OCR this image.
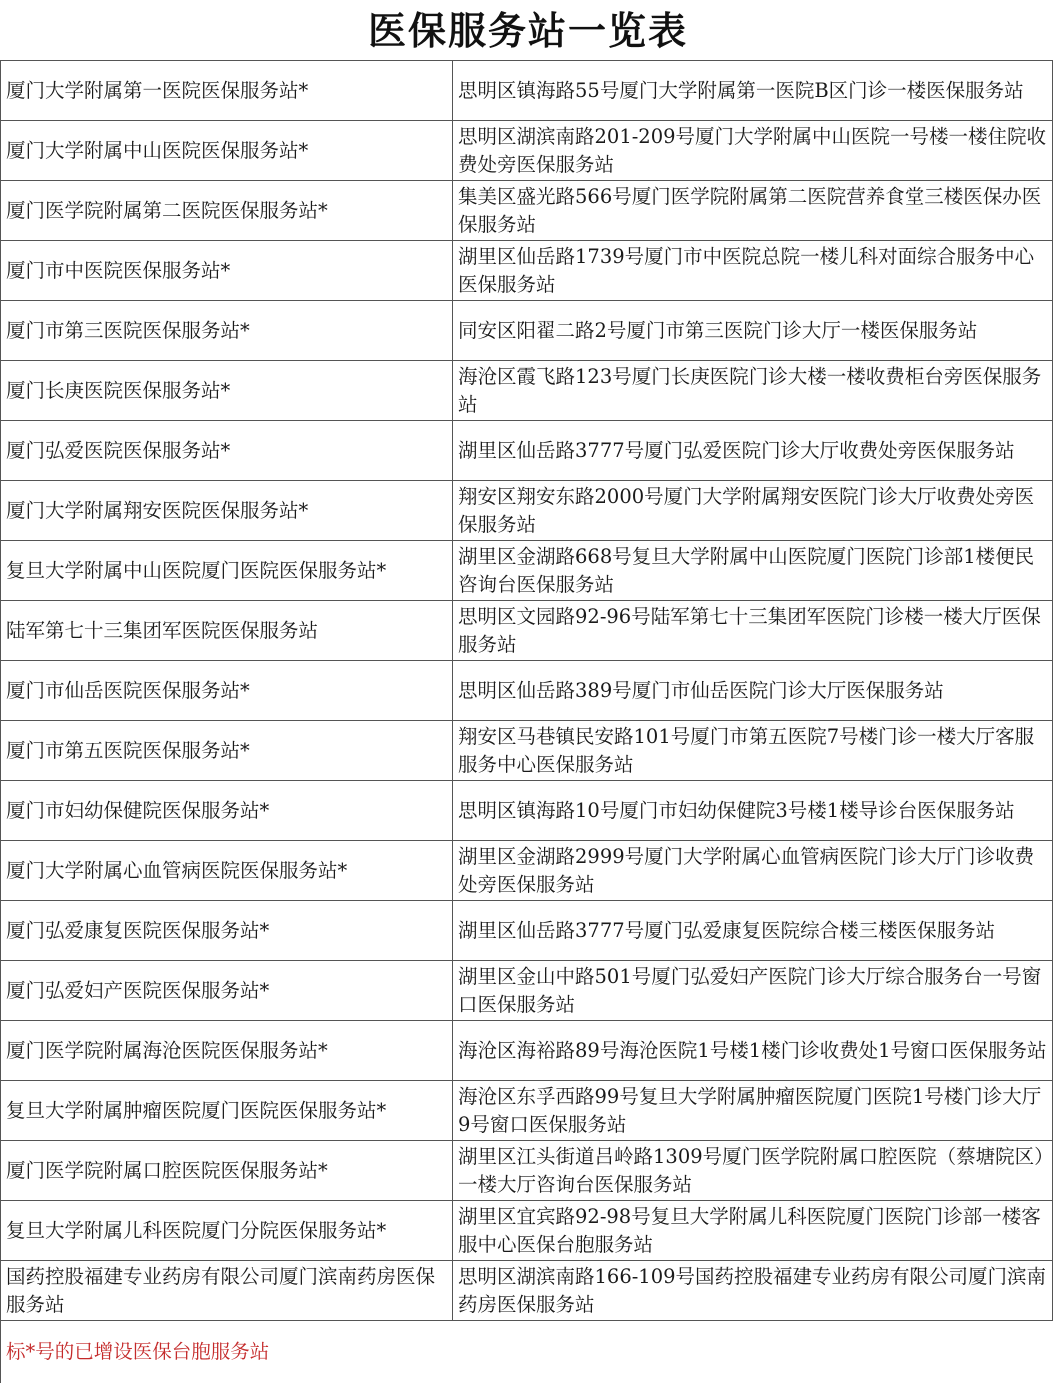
医保服务站一览表
厦门大学附属第一医院医保服务站*	思明区镇海路55号厦门大学附属第一医院B区门诊一楼医保服务站
厦门大学附属中山医院医保服务站*	思明区湖滨南路201-209号厦门大学附属中山医院一号楼一楼住院收费处旁医保服务站
厦门医学院附属第二医院医保服务站*	集美区盛光路566号厦门医学院附属第二医院营养食堂三楼医保办医保服务站
厦门市中医院医保服务站*	湖里区仙岳路1739号厦门市中医院总院一楼儿科对面综合服务中心医保服务站
厦门市第三医院医保服务站*	同安区阳翟二路2号厦门市第三医院门诊大厅一楼医保服务站
厦门长庚医院医保服务站*	海沧区霞飞路123号厦门长庚医院门诊大楼一楼收费柜台旁医保服务站
厦门弘爱医院医保服务站*	湖里区仙岳路3777号厦门弘爱医院门诊大厅收费处旁医保服务站
厦门大学附属翔安医院医保服务站*	翔安区翔安东路2000号厦门大学附属翔安医院门诊大厅收费处旁医保服务站
复旦大学附属中山医院厦门医院医保服务站*	湖里区金湖路668号复旦大学附属中山医院厦门医院门诊部1楼便民咨询台医保服务站
陆军第七十三集团军医院医保服务站	思明区文园路92-96号陆军第七十三集团军医院门诊楼一楼大厅医保服务站
厦门市仙岳医院医保服务站*	思明区仙岳路389号厦门市仙岳医院门诊大厅医保服务站
厦门市第五医院医保服务站*	翔安区马巷镇民安路101号厦门市第五医院7号楼门诊一楼大厅客服服务中心医保服务站
厦门市妇幼保健院医保服务站*	思明区镇海路10号厦门市妇幼保健院3号楼1楼导诊台医保服务站
厦门大学附属心血管病医院医保服务站*	湖里区金湖路2999号厦门大学附属心血管病医院门诊大厅门诊收费处旁医保服务站
厦门弘爱康复医院医保服务站*	湖里区仙岳路3777号厦门弘爱康复医院综合楼三楼医保服务站
厦门弘爱妇产医院医保服务站*	湖里区金山中路501号厦门弘爱妇产医院门诊大厅综合服务台一号窗口医保服务站
厦门医学院附属海沧医院医保服务站*	海沧区海裕路89号海沧医院1号楼1楼门诊收费处1号窗口医保服务站
复旦大学附属肿瘤医院厦门医院医保服务站*	海沧区东孚西路99号复旦大学附属肿瘤医院厦门医院1号楼门诊大厅9号窗口医保服务站
厦门医学院附属口腔医院医保服务站*	湖里区江头街道吕岭路1309号厦门医学院附属口腔医院（蔡塘院区）一楼大厅咨询台医保服务站
复旦大学附属儿科医院厦门分院医保服务站*	湖里区宜宾路92-98号复旦大学附属儿科医院厦门医院门诊部一楼客服中心医保台胞服务站
国药控股福建专业药房有限公司厦门滨南药房医保服务站	思明区湖滨南路166-109号国药控股福建专业药房有限公司厦门滨南药房医保服务站
标*号的已增设医保台胞服务站	
